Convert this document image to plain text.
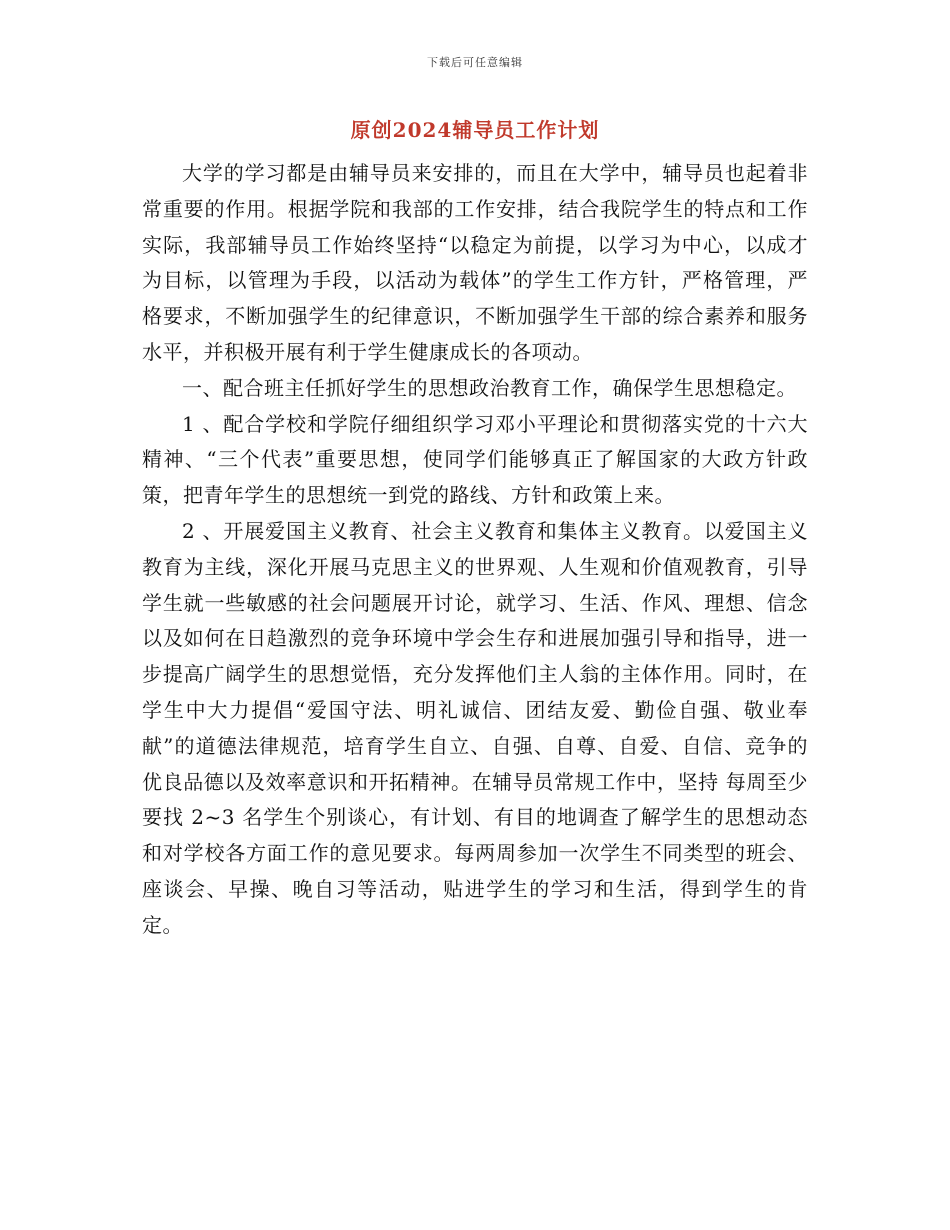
下载后可任意编辑
原创2024辅导员工作计划

大学的学习都是由辅导员来安排的，而且在大学中，辅导员也起着非常重要的作用。根据学院和我部的工作安排，结合我院学生的特点和工作实际，我部辅导员工作始终坚持“以稳定为前提，以学习为中心，以成才为目标，以管理为手段，以活动为载体”的学生工作方针，严格管理，严格要求，不断加强学生的纪律意识，不断加强学生干部的综合素养和服务水平，并积极开展有利于学生健康成长的各项动。

一、配合班主任抓好学生的思想政治教育工作，确保学生思想稳定。

1 、配合学校和学院仔细组织学习邓小平理论和贯彻落实党的十六大精神、“三个代表”重要思想，使同学们能够真正了解国家的大政方针政策，把青年学生的思想统一到党的路线、方针和政策上来。

2 、开展爱国主义教育、社会主义教育和集体主义教育。以爱国主义教育为主线，深化开展马克思主义的世界观、人生观和价值观教育，引导学生就一些敏感的社会问题展开讨论，就学习、生活、作风、理想、信念以及如何在日趋激烈的竞争环境中学会生存和进展加强引导和指导，进一步提高广阔学生的思想觉悟，充分发挥他们主人翁的主体作用。同时，在学生中大力提倡“爱国守法、明礼诚信、团结友爱、勤俭自强、敬业奉献”的道德法律规范，培育学生自立、自强、自尊、自爱、自信、竞争的优良品德以及效率意识和开拓精神。在辅导员常规工作中，坚持 每周至少要找 2~3 名学生个别谈心，有计划、有目的地调查了解学生的思想动态和对学校各方面工作的意见要求。每两周参加一次学生不同类型的班会、座谈会、早操、晚自习等活动，贴进学生的学习和生活，得到学生的肯定。
